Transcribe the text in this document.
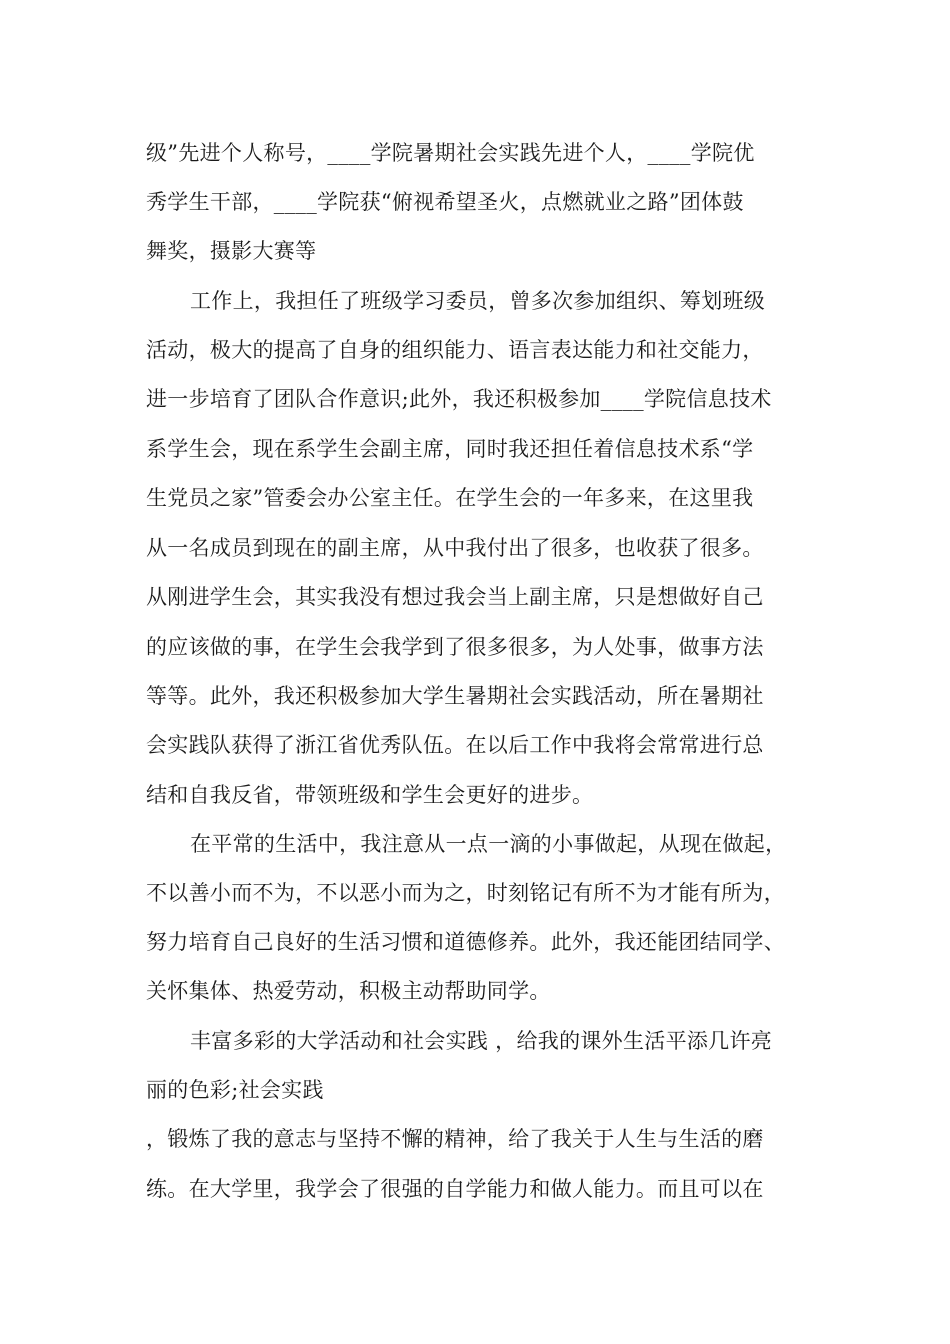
级”先进个人称号，____学院暑期社会实践先进个人，____学院优
秀学生干部，____学院获“俯视希望圣火，点燃就业之路”团体鼓
舞奖，摄影大赛等
工作上，我担任了班级学习委员，曾多次参加组织、筹划班级
活动，极大的提高了自身的组织能力、语言表达能力和社交能力，
进一步培育了团队合作意识;此外，我还积极参加____学院信息技术
系学生会，现在系学生会副主席，同时我还担任着信息技术系“学
生党员之家”管委会办公室主任。在学生会的一年多来，在这里我
从一名成员到现在的副主席，从中我付出了很多，也收获了很多。
从刚进学生会，其实我没有想过我会当上副主席，只是想做好自己
的应该做的事，在学生会我学到了很多很多，为人处事，做事方法
等等。此外，我还积极参加大学生暑期社会实践活动，所在暑期社
会实践队获得了浙江省优秀队伍。在以后工作中我将会常常进行总
结和自我反省，带领班级和学生会更好的进步。
在平常的生活中，我注意从一点一滴的小事做起，从现在做起，
不以善小而不为，不以恶小而为之，时刻铭记有所不为才能有所为，
努力培育自己良好的生活习惯和道德修养。此外，我还能团结同学、
关怀集体、热爱劳动，积极主动帮助同学。
丰富多彩的大学活动和社会实践 ，给我的课外生活平添几许亮
丽的色彩;社会实践
，锻炼了我的意志与坚持不懈的精神，给了我关于人生与生活的磨
练。在大学里，我学会了很强的自学能力和做人能力。而且可以在
